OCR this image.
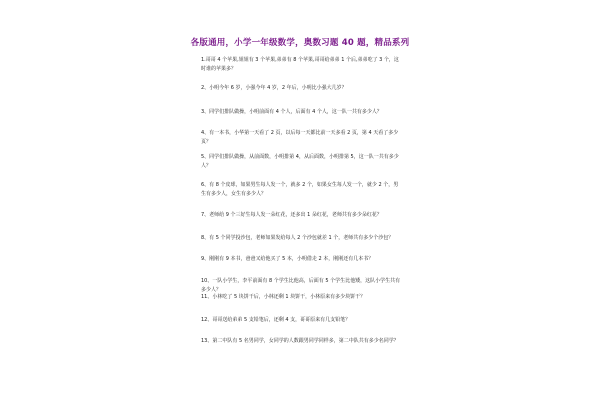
各版通用，小学一年级数学，奥数习题 40 题，精品系列
1.哥哥 4 个苹果,姐姐有 3 个苹果,弟弟有 8 个苹果,哥哥给弟弟 1 个后,弟弟吃了 3 个，这时谁的苹果多？
2、小明今年 6 岁，小强今年 4 岁，2 年后，小明比小强大几岁？
3、同学们排队做操，小明前面有 4 个人，后面有 4 个人，这一队一共有多少人？
4、有一本书，小华第一天看了 2 页，以后每一天都比前一天多看 2 页，第 4 天看了多少页？
5、同学们排队做操，从前面数，小明排第 4，从后面数，小明排第 5，这一队一共有多少人？
6、有 8 个皮球，如果男生每人发一个，就多 2 个，如果女生每人发一个，就少 2 个，男生有多少人，女生有多少人？
7、老师给 9 个三好生每人发一朵红花，还多出 1 朵红花，老师共有多少朵红花？
8、有 5 个同学投沙包，老师如果发给每人 2 个沙包就差 1 个，老师共有多少个沙包？
9、刚刚有 9 本书，爸爸又给他买了 5 本，小明借走 2 本，刚刚还有几本书？
10、一队小学生，李平前面有 8 个学生比他高，后面有 5 个学生比他矮，这队小学生共有多少人？
11、小林吃了 5 块饼干后，小林还剩 1 块饼干，小林原来有多少块饼干？
12、哥哥送给弟弟 5 支铅笔后，还剩 4 支，哥哥原来有几支铅笔？
13、第二中队有 5 名男同学，女同学的人数跟男同学同样多，第二中队共有多少名同学？
